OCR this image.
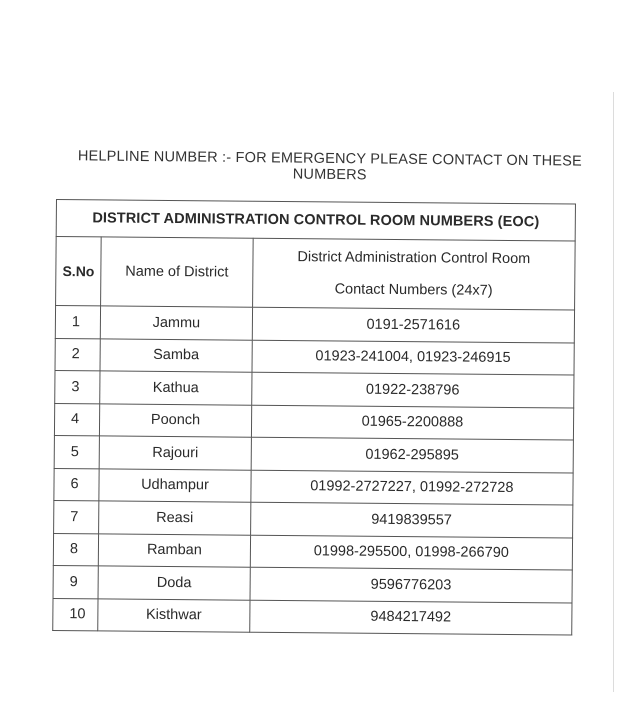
HELPLINE NUMBER :- FOR EMERGENCY PLEASE CONTACT ON THESE
NUMBERS
DISTRICT ADMINISTRATION CONTROL ROOM NUMBERS (EOC)		
S.No	Name of District	District Administration Control Room
Contact Numbers (24x7)

1	Jammu	0191-2571616
2	Samba	01923-241004, 01923-246915
3	Kathua	01922-238796
4	Poonch	01965-2200888
5	Rajouri	01962-295895
6	Udhampur	01992-2727227, 01992-272728
7	Reasi	9419839557
8	Ramban	01998-295500, 01998-266790
9	Doda	9596776203
10	Kisthwar	9484217492
